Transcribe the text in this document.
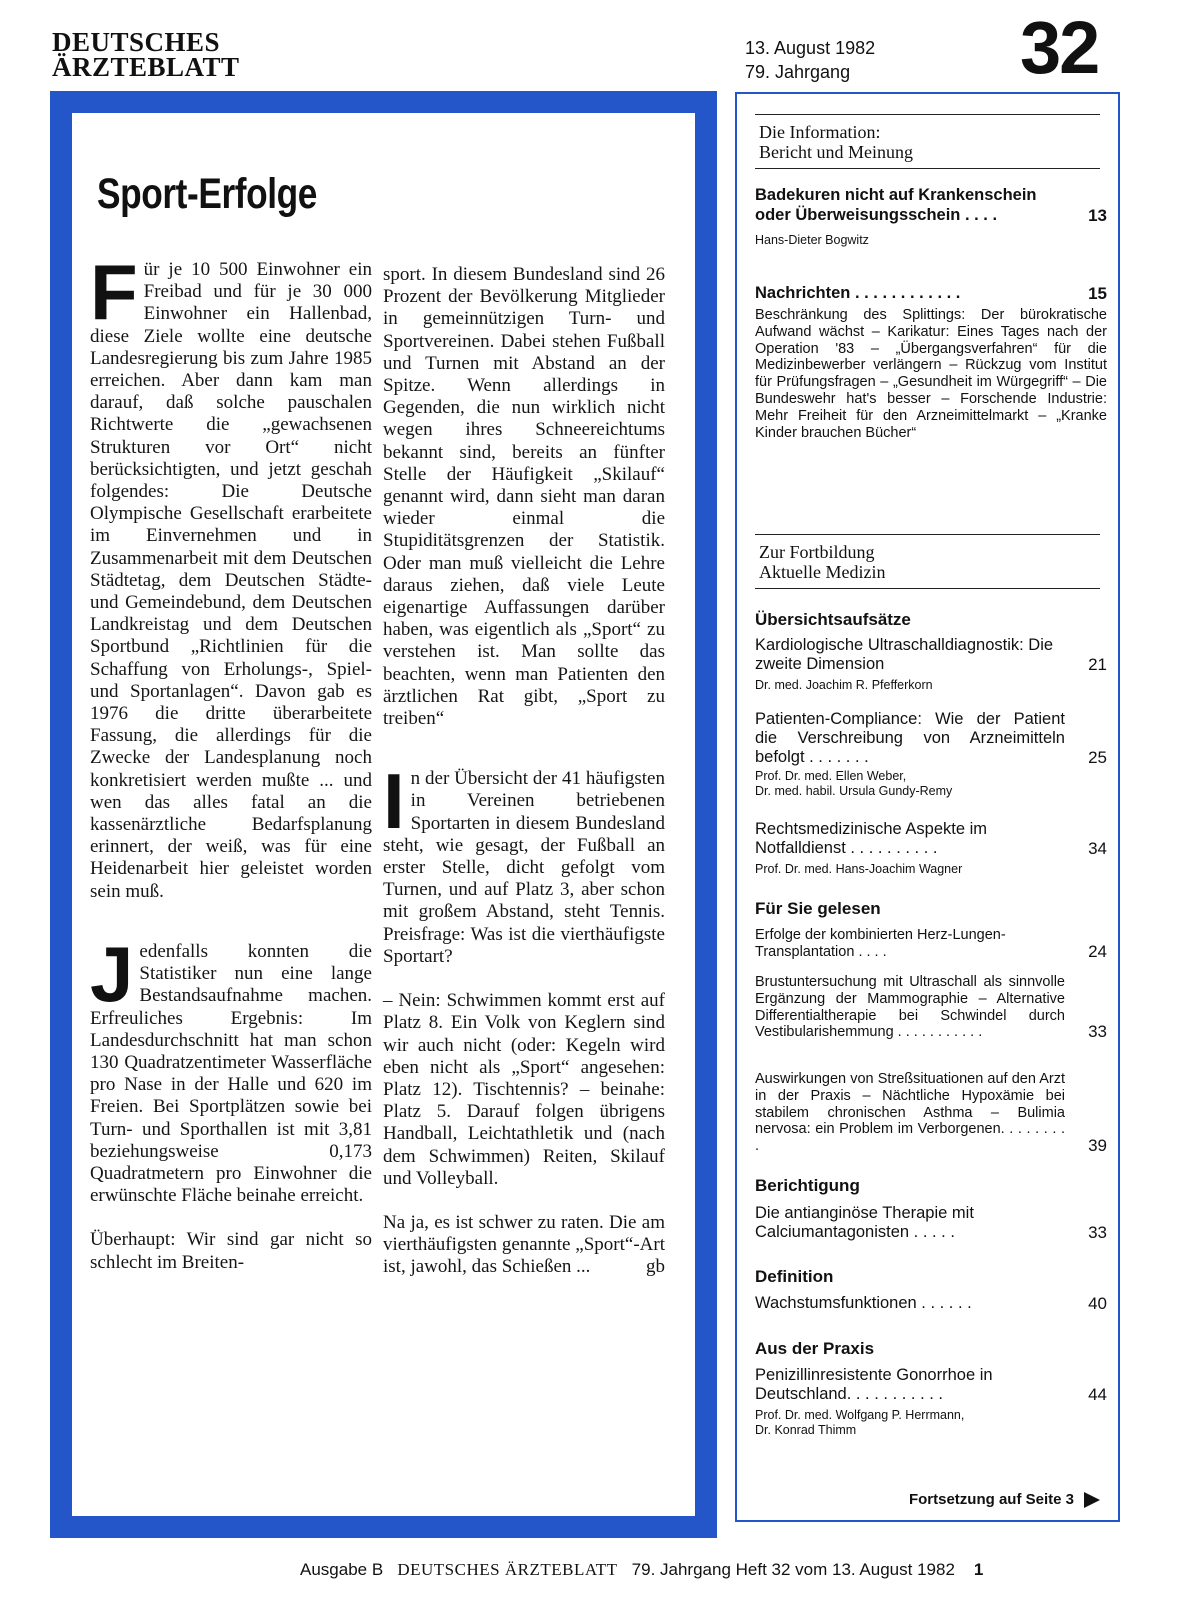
DEUTSCHES
ÄRZTEBLATT
13. August 1982
79. Jahrgang	32
Sport-Erfolge

Für je 10 500 Einwohner ein Freibad und für je 30 000 Einwohner ein Hallenbad, diese Ziele wollte eine deutsche Landesregierung bis zum Jahre 1985 erreichen. Aber dann kam man darauf, daß solche pauschalen Richtwerte die „gewachsenen Strukturen vor Ort“ nicht berücksichtigten, und jetzt geschah folgendes: Die Deutsche Olympische Gesellschaft erarbeitete im Einvernehmen und in Zusammenarbeit mit dem Deutschen Städtetag, dem Deutschen Städte- und Gemeindebund, dem Deutschen Landkreistag und dem Deutschen Sportbund „Richtlinien für die Schaffung von Erholungs-, Spiel- und Sportanlagen“. Davon gab es 1976 die dritte überarbeitete Fassung, die allerdings für die Zwecke der Landesplanung noch konkretisiert werden mußte ... und wen das alles fatal an die kassenärztliche Bedarfsplanung erinnert, der weiß, was für eine Heidenarbeit hier geleistet worden sein muß.

Jedenfalls konnten die Statistiker nun eine lange Bestandsaufnahme machen. Erfreuliches Ergebnis: Im Landesdurchschnitt hat man schon 130 Quadratzentimeter Wasserfläche pro Nase in der Halle und 620 im Freien. Bei Sportplätzen sowie bei Turn- und Sporthallen ist mit 3,81 beziehungsweise 0,173 Quadratmetern pro Einwohner die erwünschte Fläche beinahe erreicht.

Überhaupt: Wir sind gar nicht so schlecht im Breiten-

sport. In diesem Bundesland sind 26 Prozent der Bevölkerung Mitglieder in gemeinnützigen Turn- und Sportvereinen. Dabei stehen Fußball und Turnen mit Abstand an der Spitze. Wenn allerdings in Gegenden, die nun wirklich nicht wegen ihres Schneereichtums bekannt sind, bereits an fünfter Stelle der Häufigkeit „Skilauf“ genannt wird, dann sieht man daran wieder einmal die Stupiditätsgrenzen der Statistik. Oder man muß vielleicht die Lehre daraus ziehen, daß viele Leute eigenartige Auffassungen darüber haben, was eigentlich als „Sport“ zu verstehen ist. Man sollte das beachten, wenn man Patienten den ärztlichen Rat gibt, „Sport zu treiben“

In der Übersicht der 41 häufigsten in Vereinen betriebenen Sportarten in diesem Bundesland steht, wie gesagt, der Fußball an erster Stelle, dicht gefolgt vom Turnen, und auf Platz 3, aber schon mit großem Abstand, steht Tennis. Preisfrage: Was ist die vierthäufigste Sportart?

– Nein: Schwimmen kommt erst auf Platz 8. Ein Volk von Keglern sind wir auch nicht (oder: Kegeln wird eben nicht als „Sport“ angesehen: Platz 12). Tischtennis? – beinahe: Platz 5. Darauf folgen übrigens Handball, Leichtathletik und (nach dem Schwimmen) Reiten, Skilauf und Volleyball.

Na ja, es ist schwer zu raten. Die am vierthäufigsten genannte „Sport“-Art ist, jawohl, das Schießen ...	gb

Die Information:
Bericht und Meinung
Badekuren nicht auf Krankenschein oder Überweisungsschein . . . .	13
Hans-Dieter Bogwitz
Nachrichten . . . . . . . . . . . .	15
Beschränkung des Splittings: Der bürokratische Aufwand wächst – Karikatur: Eines Tages nach der Operation '83 – „Übergangsverfahren“ für die Medizinbewerber verlängern – Rückzug vom Institut für Prüfungsfragen – „Gesundheit im Würgegriff“ – Die Bundeswehr hat's besser – Forschende Industrie: Mehr Freiheit für den Arzneimittelmarkt – „Kranke Kinder brauchen Bücher“
Zur Fortbildung
Aktuelle Medizin
Übersichtsaufsätze
Kardiologische Ultraschalldiagnostik: Die zweite Dimension	21
Dr. med. Joachim R. Pfefferkorn
Patienten-Compliance: Wie der Patient die Verschreibung von Arzneimitteln befolgt . . . . . . .	25
Prof. Dr. med. Ellen Weber,
Dr. med. habil. Ursula Gundy-Remy
Rechtsmedizinische Aspekte im Notfalldienst . . . . . . . . . .	34
Prof. Dr. med. Hans-Joachim Wagner
Für Sie gelesen
Erfolge der kombinierten Herz-Lungen-Transplantation . . . .	24
Brustuntersuchung mit Ultraschall als sinnvolle Ergänzung der Mammographie – Alternative Differentialtherapie bei Schwindel durch Vestibularishemmung . . . . . . . . . . .	33
Auswirkungen von Streßsituationen auf den Arzt in der Praxis – Nächtliche Hypoxämie bei stabilem chronischen Asthma – Bulimia nervosa: ein Problem im Verborgenen. . . . . . . . .	39
Berichtigung
Die antianginöse Therapie mit Calciumantagonisten . . . . .	33
Definition
Wachstumsfunktionen . . . . . .	40
Aus der Praxis
Penizillinresistente Gonorrhoe in Deutschland. . . . . . . . . . .	44
Prof. Dr. med. Wolfgang P. Herrmann,
Dr. Konrad Thimm
Fortsetzung auf Seite 3
Ausgabe B DEUTSCHES ÄRZTEBLATT 79. Jahrgang Heft 32 vom 13. August 1982 1
